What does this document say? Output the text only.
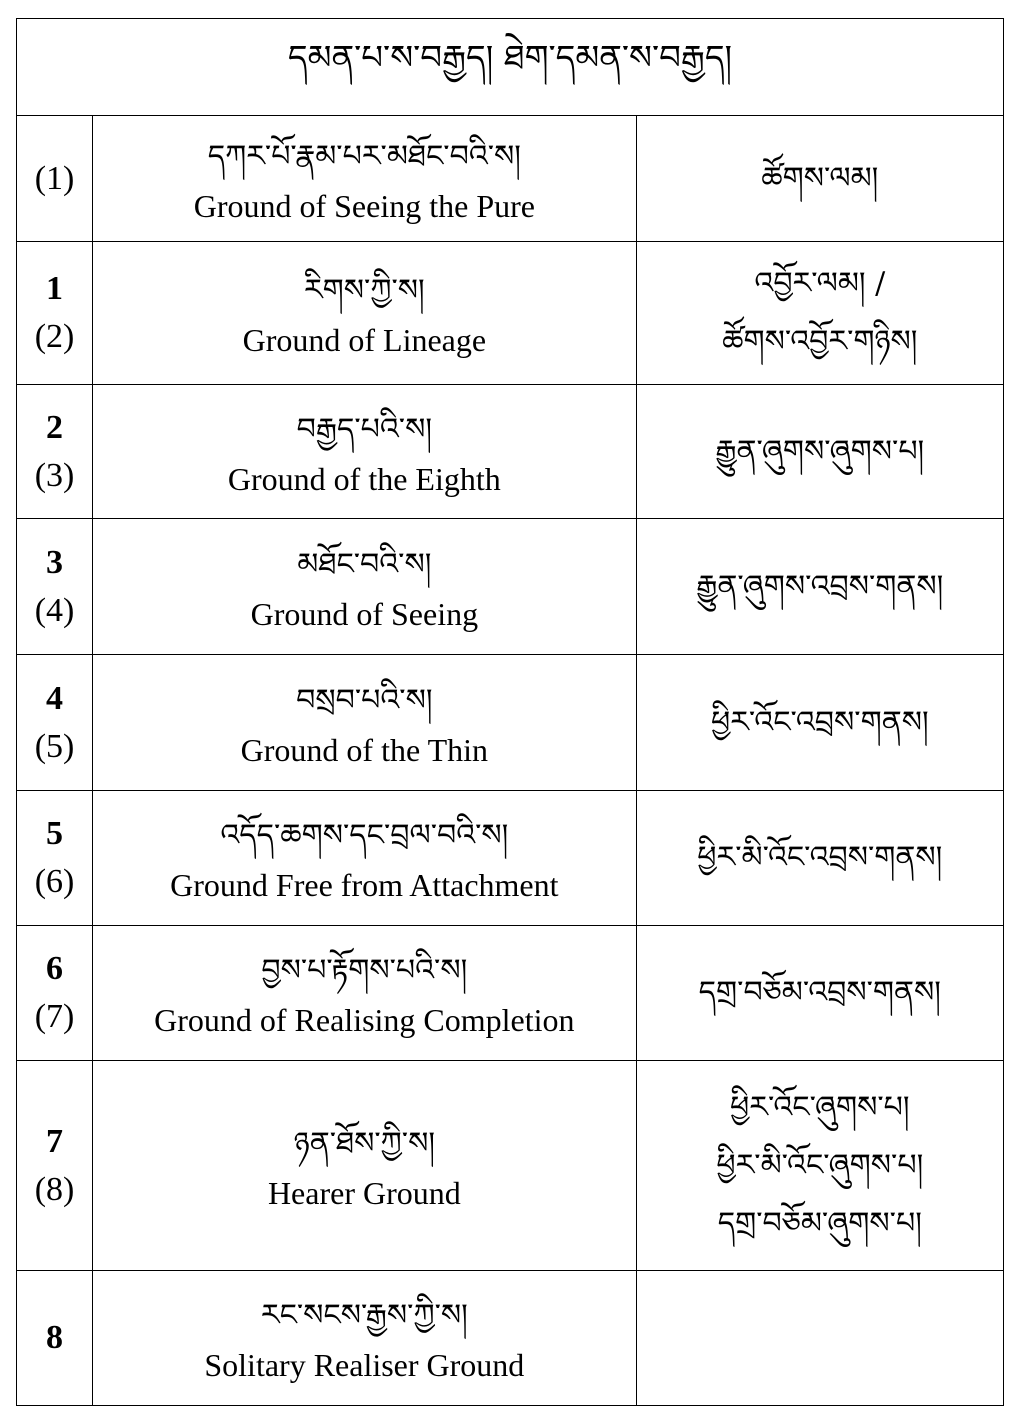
དམན་པ་ས་བརྒྱད། ཐེག་དམན་ས་བརྒྱད།		

(1)	དཀར་པོ་རྣམ་པར་མཐོང་བའི་ས།
Ground of Seeing the Pure	ཚོགས་ལམ།

1
(2)	རིགས་ཀྱི་ས།
Ground of Lineage	འབྱོར་ལམ། /
ཚོགས་འབྱོར་གཉིས།

2
(3)	བརྒྱད་པའི་ས།
Ground of the Eighth	རྒྱུན་ཞུགས་ཞུགས་པ།

3
(4)	མཐོང་བའི་ས།
Ground of Seeing	རྒྱུན་ཞུགས་འབྲས་གནས།

4
(5)	བསྲབ་པའི་ས།
Ground of the Thin	ཕྱིར་འོང་འབྲས་གནས།

5
(6)	འདོད་ཆགས་དང་བྲལ་བའི་ས།
Ground Free from Attachment	ཕྱིར་མི་འོང་འབྲས་གནས།

6
(7)	བྱས་པ་རྟོགས་པའི་ས།
Ground of Realising Completion	དགྲ་བཅོམ་འབྲས་གནས།

7
(8)	ཉན་ཐོས་ཀྱི་ས།
Hearer Ground	ཕྱིར་འོང་ཞུགས་པ།
ཕྱིར་མི་འོང་ཞུགས་པ།
དགྲ་བཅོམ་ཞུགས་པ།

8	རང་སངས་རྒྱས་ཀྱི་ས།
Solitary Realiser Ground	
